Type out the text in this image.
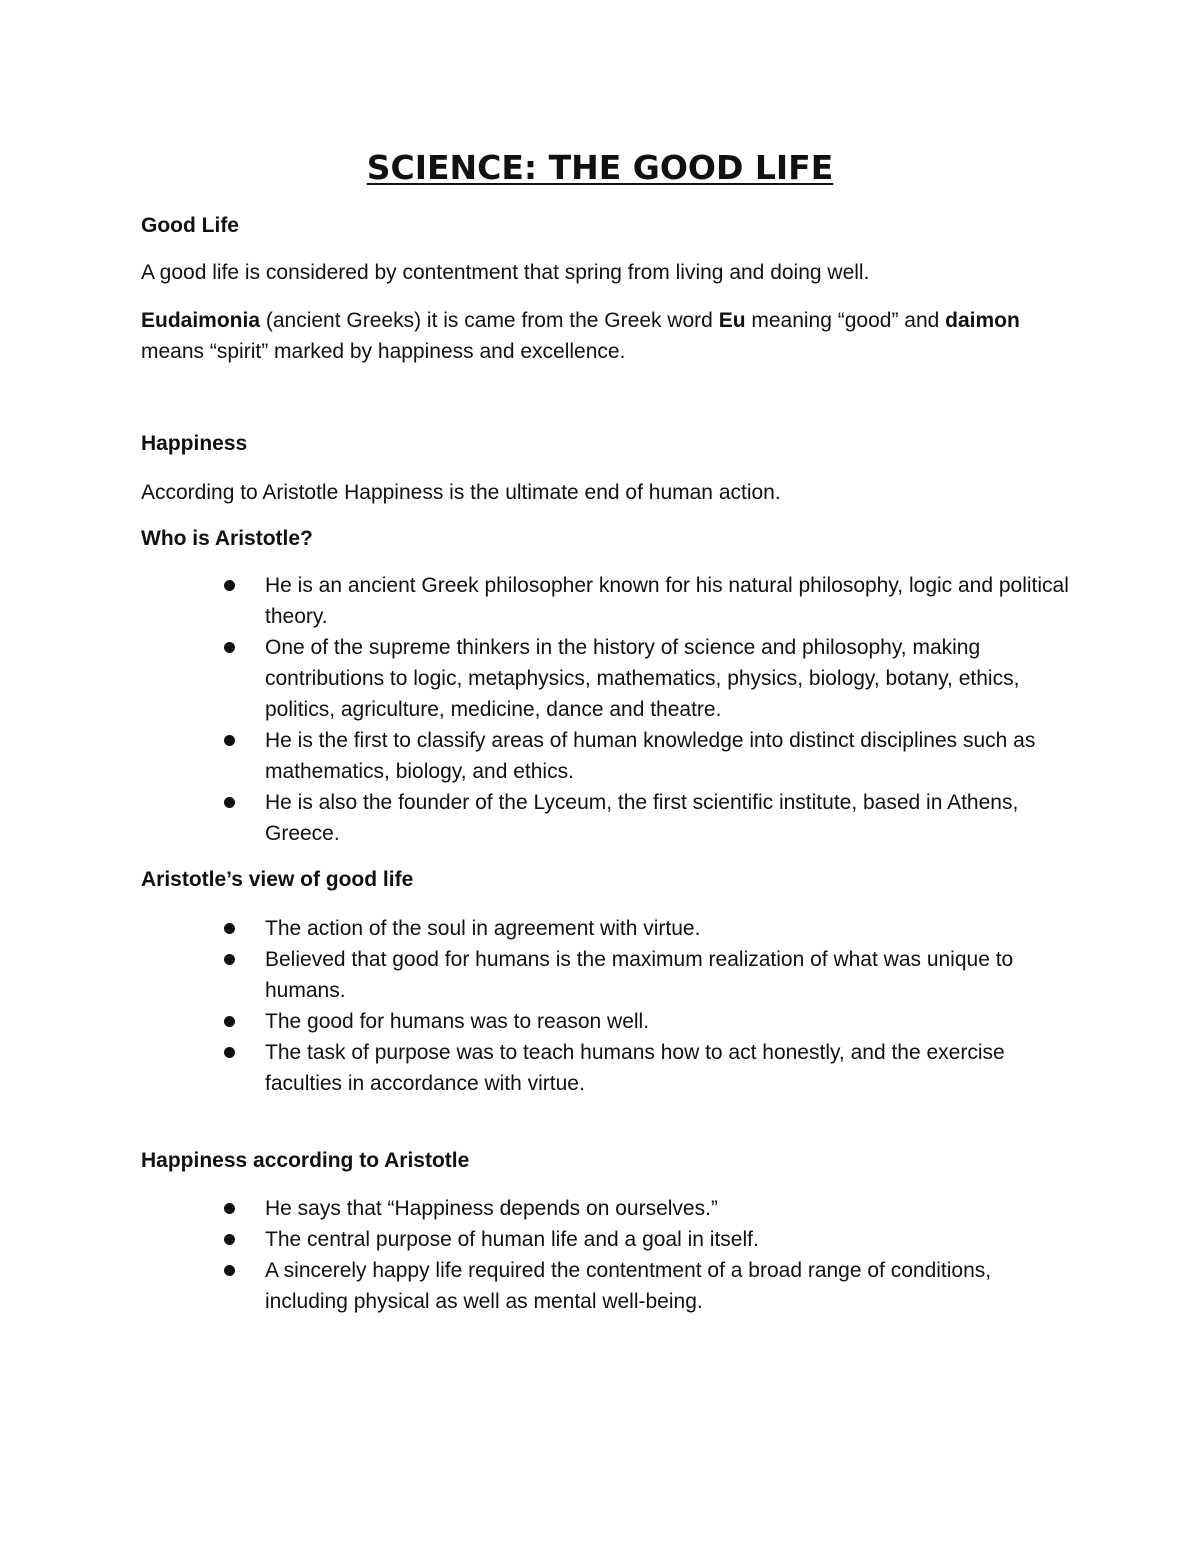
SCIENCE: THE GOOD LIFE
Good Life
A good life is considered by contentment that spring from living and doing well.
Eudaimonia (ancient Greeks) it is came from the Greek word Eu meaning “good” and daimon means “spirit” marked by happiness and excellence.
Happiness
According to Aristotle Happiness is the ultimate end of human action.
Who is Aristotle?
He is an ancient Greek philosopher known for his natural philosophy, logic and political theory.
One of the supreme thinkers in the history of science and philosophy, making contributions to logic, metaphysics, mathematics, physics, biology, botany, ethics, politics, agriculture, medicine, dance and theatre.
He is the first to classify areas of human knowledge into distinct disciplines such as mathematics, biology, and ethics.
He is also the founder of the Lyceum, the first scientific institute, based in Athens, Greece.
Aristotle’s view of good life
The action of the soul in agreement with virtue.
Believed that good for humans is the maximum realization of what was unique to humans.
The good for humans was to reason well.
The task of purpose was to teach humans how to act honestly, and the exercise faculties in accordance with virtue.
Happiness according to Aristotle
He says that “Happiness depends on ourselves.”
The central purpose of human life and a goal in itself.
A sincerely happy life required the contentment of a broad range of conditions, including physical as well as mental well-being.
